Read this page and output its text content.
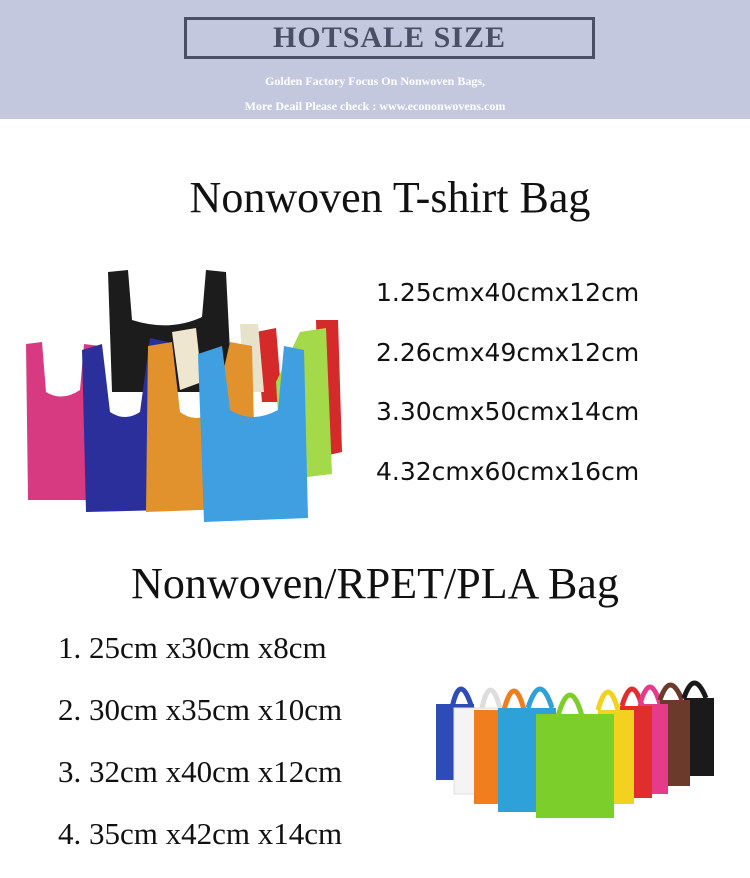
HOTSALE SIZE
Golden Factory Focus On Nonwoven Bags,
More Deail Please check : www.econonwovens.com
Nonwoven T-shirt Bag
1.25cmx40cmx12cm
2.26cmx49cmx12cm
3.30cmx50cmx14cm
4.32cmx60cmx16cm
Nonwoven/RPET/PLA Bag
1. 25cm x30cm x8cm
2. 30cm x35cm x10cm
3. 32cm x40cm x12cm
4. 35cm x42cm x14cm
